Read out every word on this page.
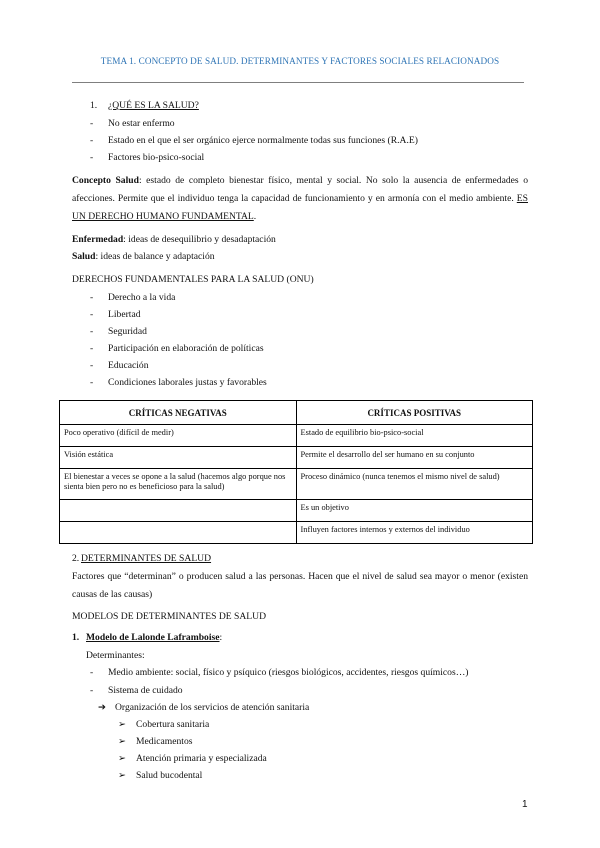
TEMA 1. CONCEPTO DE SALUD. DETERMINANTES Y FACTORES SOCIALES RELACIONADOS
1. ¿QUÉ ES LA SALUD?
- No estar enfermo
- Estado en el que el ser orgánico ejerce normalmente todas sus funciones (R.A.E)
- Factores bio-psico-social
Concepto Salud: estado de completo bienestar físico, mental y social. No solo la ausencia de enfermedades o afecciones. Permite que el individuo tenga la capacidad de funcionamiento y en armonía con el medio ambiente. ES UN DERECHO HUMANO FUNDAMENTAL.
Enfermedad: ideas de desequilibrio y desadaptación
Salud: ideas de balance y adaptación
DERECHOS FUNDAMENTALES PARA LA SALUD (ONU)
- Derecho a la vida
- Libertad
- Seguridad
- Participación en elaboración de políticas
- Educación
- Condiciones laborales justas y favorables
CRÍTICAS NEGATIVAS	CRÍTICAS POSITIVAS
Poco operativo (difícil de medir)	Estado de equilibrio bio-psico-social
Visión estática	Permite el desarrollo del ser humano en su conjunto
El bienestar a veces se opone a la salud (hacemos algo porque nos sienta bien pero no es beneficioso para la salud)	Proceso dinámico (nunca tenemos el mismo nivel de salud)
	Es un objetivo
	Influyen factores internos y externos del individuo
2. DETERMINANTES DE SALUD
Factores que “determinan” o producen salud a las personas. Hacen que el nivel de salud sea mayor o menor (existen causas de las causas)
MODELOS DE DETERMINANTES DE SALUD
1. Modelo de Lalonde Laframboise:
Determinantes:
- Medio ambiente: social, físico y psíquico (riesgos biológicos, accidentes, riesgos químicos…)
- Sistema de cuidado
➔ Organización de los servicios de atención sanitaria
➢ Cobertura sanitaria
➢ Medicamentos
➢ Atención primaria y especializada
➢ Salud bucodental
1
